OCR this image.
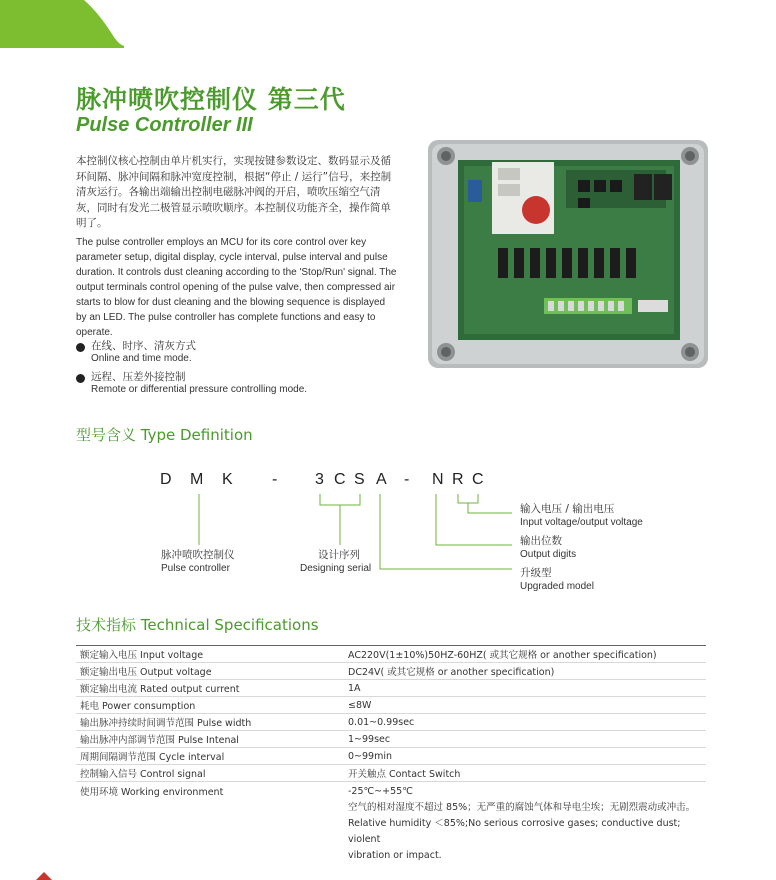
脉冲喷吹控制仪 第三代
Pulse Controller III
本控制仪核心控制由单片机实行，实现按键参数设定、数码显示及循环间隔、脉冲间隔和脉冲宽度控制，根据“停止 / 运行”信号，来控制清灰运行。各输出端输出控制电磁脉冲阀的开启，喷吹压缩空气清灰，同时有发光二极管显示喷吹顺序。本控制仪功能齐全，操作简单明了。
The pulse controller employs an MCU for its core control over key parameter setup, digital display, cycle interval, pulse interval and pulse duration. It controls dust cleaning according to the 'Stop/Run' signal. The output terminals control opening of the pulse valve, then compressed air starts to blow for dust cleaning and the blowing sequence is displayed by an LED. The pulse controller has complete functions and easy to operate.
在线、时序、清灰方式
Online and time mode.
远程、压差外接控制
Remote or differential pressure controlling mode.
型号含义 Type Definition
D M K - 3 C S A - N R C
脉冲喷吹控制仪
Pulse controller
设计序列
Designing serial
输入电压 / 输出电压
Input voltage/output voltage
输出位数
Output digits
升级型
Upgraded model
技术指标 Technical Specifications
额定输入电压 Input voltage	AC220V(1±10%)50HZ-60HZ( 或其它规格 or another specification)
额定输出电压 Output voltage	DC24V( 或其它规格 or another specification)
额定输出电流 Rated output current	1A
耗电 Power consumption	≤8W
输出脉冲持续时间调节范围 Pulse width	0.01~0.99sec
输出脉冲内部调节范围 Pulse Intenal	1~99sec
周期间隔调节范围 Cycle interval	0~99min
控制输入信号 Control signal	开关触点 Contact Switch
使用环境 Working environment	-25℃~+55℃
空气的相对湿度不超过 85%；无严重的腐蚀气体和导电尘埃；无剧烈震动或冲击。
Relative humidity ＜85%;No serious corrosive gases; conductive dust; violent
vibration or impact.
